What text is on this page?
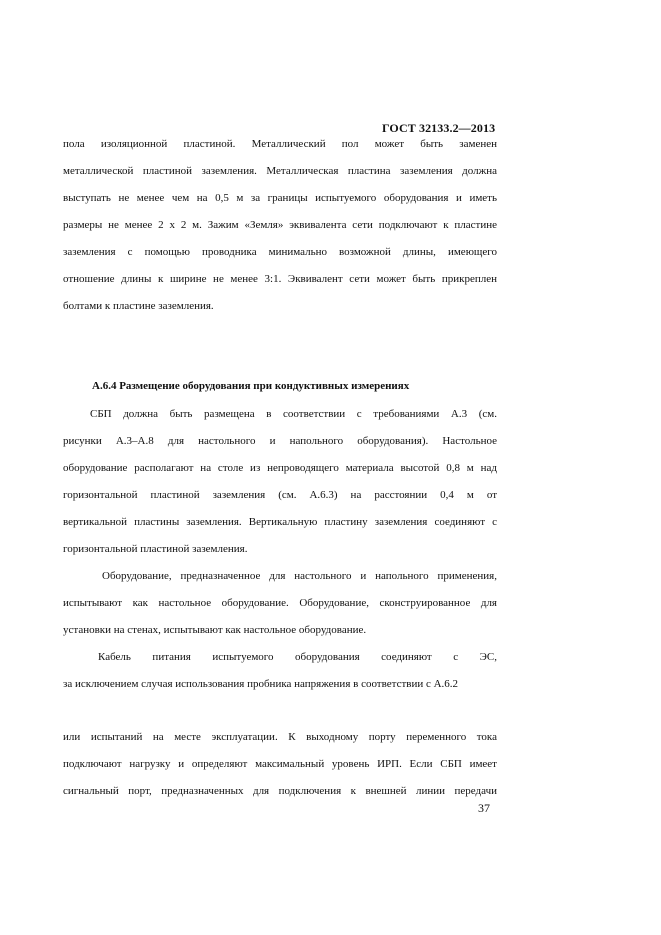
ГОСТ 32133.2—2013
пола изоляционной пластиной. Металлический пол может быть заменен
металлической пластиной заземления. Металлическая пластина заземления должна
выступать не менее чем на 0,5 м за границы испытуемого оборудования и иметь
размеры не менее 2 х 2 м. Зажим «Земля» эквивалента сети подключают к пластине
заземления с помощью проводника минимально возможной длины, имеющего
отношение длины к ширине не менее 3:1. Эквивалент сети может быть прикреплен
болтами к пластине заземления.
А.6.4 Размещение оборудования при кондуктивных измерениях
СБП должна быть размещена в соответствии с требованиями А.3 (см.
рисунки А.3–А.8 для настольного и напольного оборудования). Настольное
оборудование располагают на столе из непроводящего материала высотой 0,8 м над
горизонтальной пластиной заземления (см. А.6.3) на расстоянии 0,4 м от
вертикальной пластины заземления. Вертикальную пластину заземления соединяют с
горизонтальной пластиной заземления.
Оборудование, предназначенное для настольного и напольного применения,
испытывают как настольное оборудование. Оборудование, сконструированное для
установки на стенах, испытывают как настольное оборудование.
Кабель питания испытуемого оборудования соединяют с ЭС,
за исключением случая использования пробника напряжения в соответствии с А.6.2
или испытаний на месте эксплуатации. К выходному порту переменного тока
подключают нагрузку и определяют максимальный уровень ИРП. Если СБП имеет
сигнальный порт, предназначенных для подключения к внешней линии передачи
37
